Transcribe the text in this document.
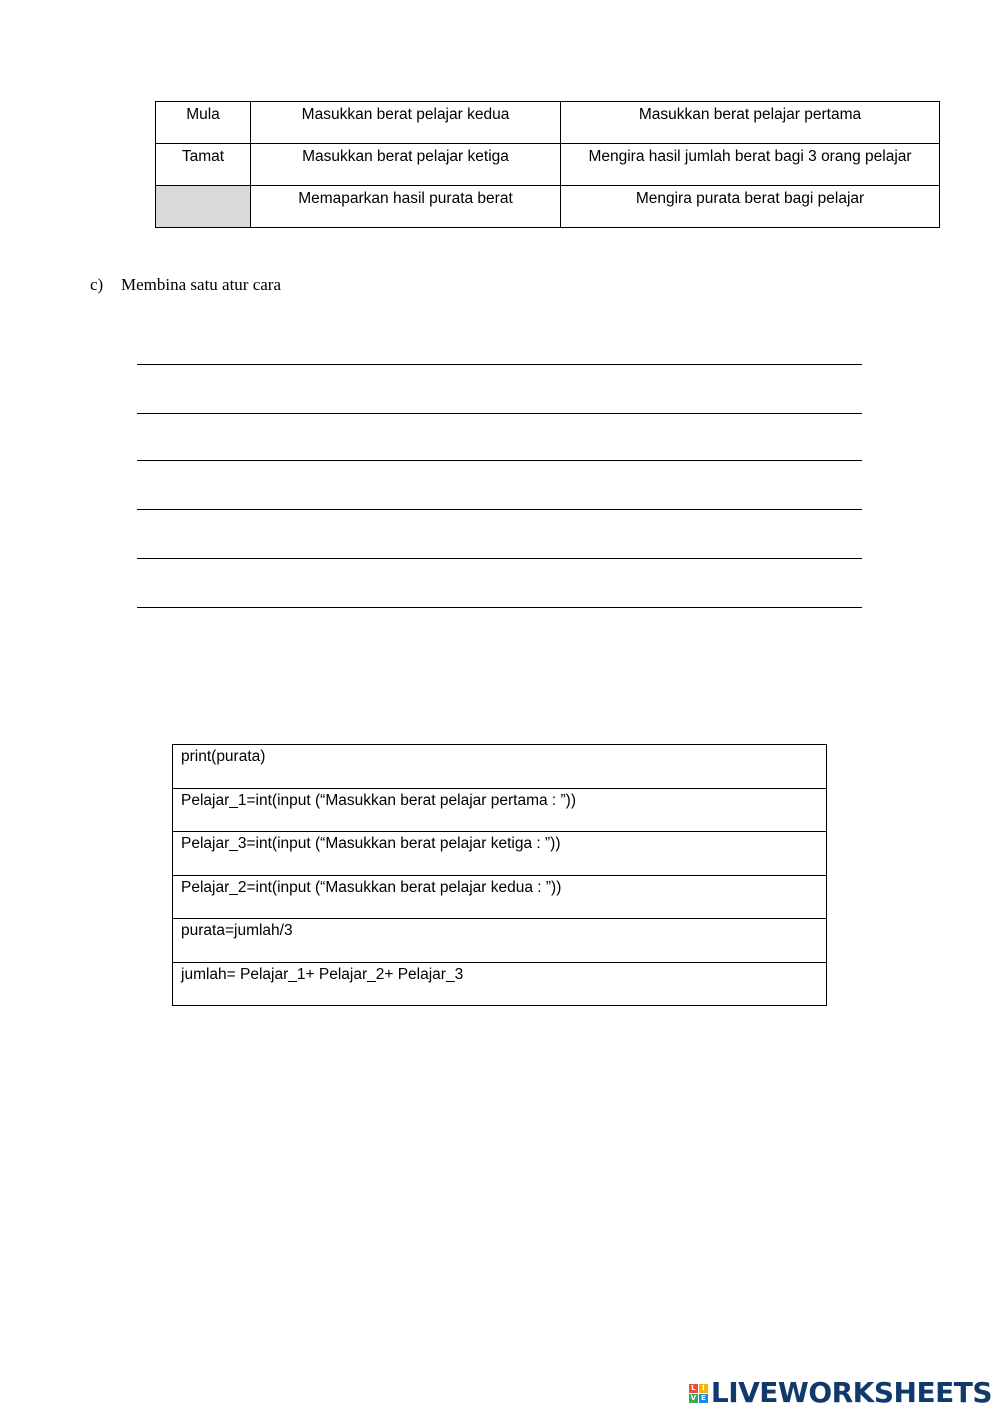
Mula	Masukkan berat pelajar kedua	Masukkan berat pelajar pertama
Tamat	Masukkan berat pelajar ketiga	Mengira hasil jumlah berat bagi 3 orang pelajar
	Memaparkan hasil purata berat	Mengira purata berat bagi pelajar
c) Membina satu atur cara
print(purata)
Pelajar_1=int(input (“Masukkan berat pelajar pertama : ”))
Pelajar_3=int(input (“Masukkan berat pelajar ketiga : ”))
Pelajar_2=int(input (“Masukkan berat pelajar kedua : ”))
purata=jumlah/3
jumlah= Pelajar_1+ Pelajar_2+ Pelajar_3
L I
V E LIVEWORKSHEETS
